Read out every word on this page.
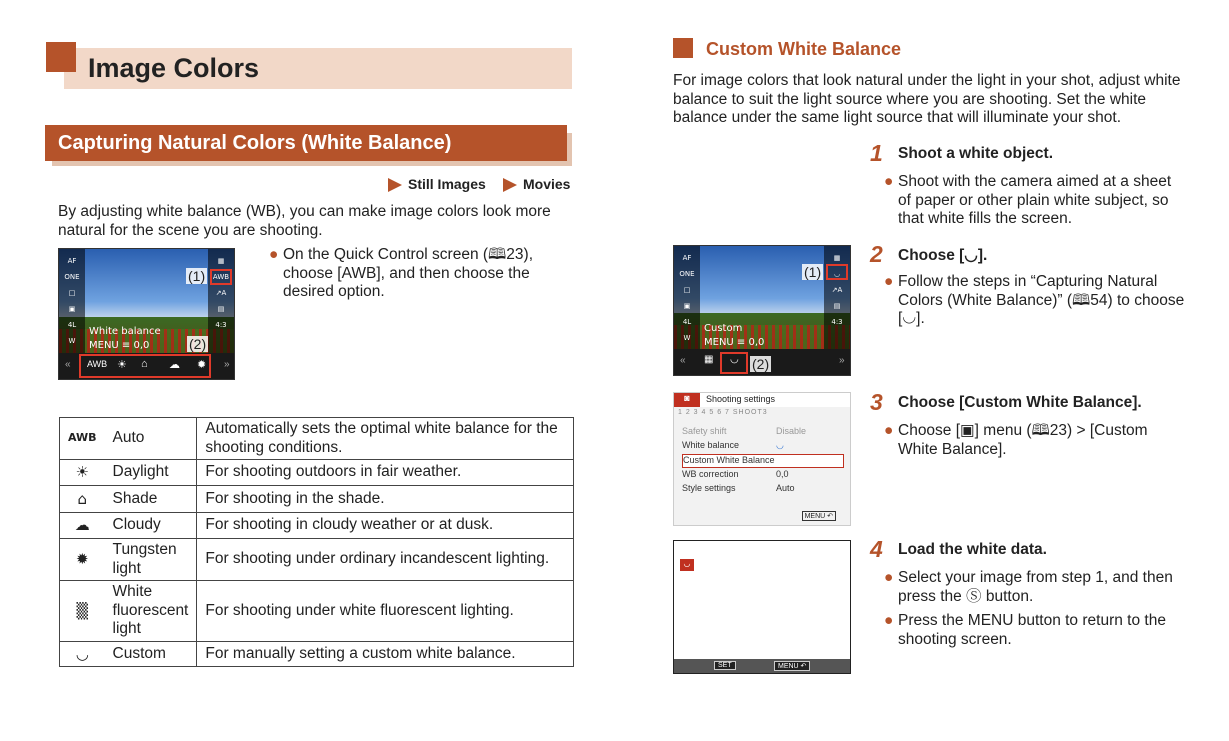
Image Colors
Capturing Natural Colors (White Balance)
Still Images	Movies
By adjusting white balance (WB), you can make image colors look more natural for the scene you are shooting.
AF
ONE
□
▣
4L
W
▦
AWB
↗A
▤
4:3
(1)
White balance
MENU ≡ 0,0	(2)
« AWB ☀ ⌂ ☁ ✹ »
● On the Quick Control screen (🕮23), choose [AWB], and then choose the desired option.
AWB	Auto	Automatically sets the optimal white balance for the shooting conditions.
☀	Daylight	For shooting outdoors in fair weather.
⌂	Shade	For shooting in the shade.
☁	Cloudy	For shooting in cloudy weather or at dusk.
✹	Tungsten light	For shooting under ordinary incandescent lighting.
▒	White fluorescent light	For shooting under white fluorescent lighting.
◡	Custom	For manually setting a custom white balance.
Custom White Balance
For image colors that look natural under the light in your shot, adjust white balance to suit the light source where you are shooting. Set the white balance under the same light source that will illuminate your shot.
1 Shoot a white object.
● Shoot with the camera aimed at a sheet of paper or other plain white subject, so that white fills the screen.
2 Choose [◡].
● Follow the steps in “Capturing Natural Colors (White Balance)” (🕮54) to choose [◡].
AF
ONE
□
▣
4L
W
▦
◡
↗A
▤
4:3
(1)
Custom
MENU ≡ 0,0
« ▦ ◡	»
(2)
3 Choose [Custom White Balance].
● Choose [▣] menu (🕮23) > [Custom White Balance].
◙	Shooting settings
1 2 3 4 5 6 7 SHOOT3
Safety shift	Disable
White balance	◡
Custom White Balance
WB correction	0,0
Style settings	Auto
MENU ↶
4 Load the white data.
● Select your image from step 1, and then press the Ⓢ button.
● Press the MENU button to return to the shooting screen.
◡
SET	MENU ↶
